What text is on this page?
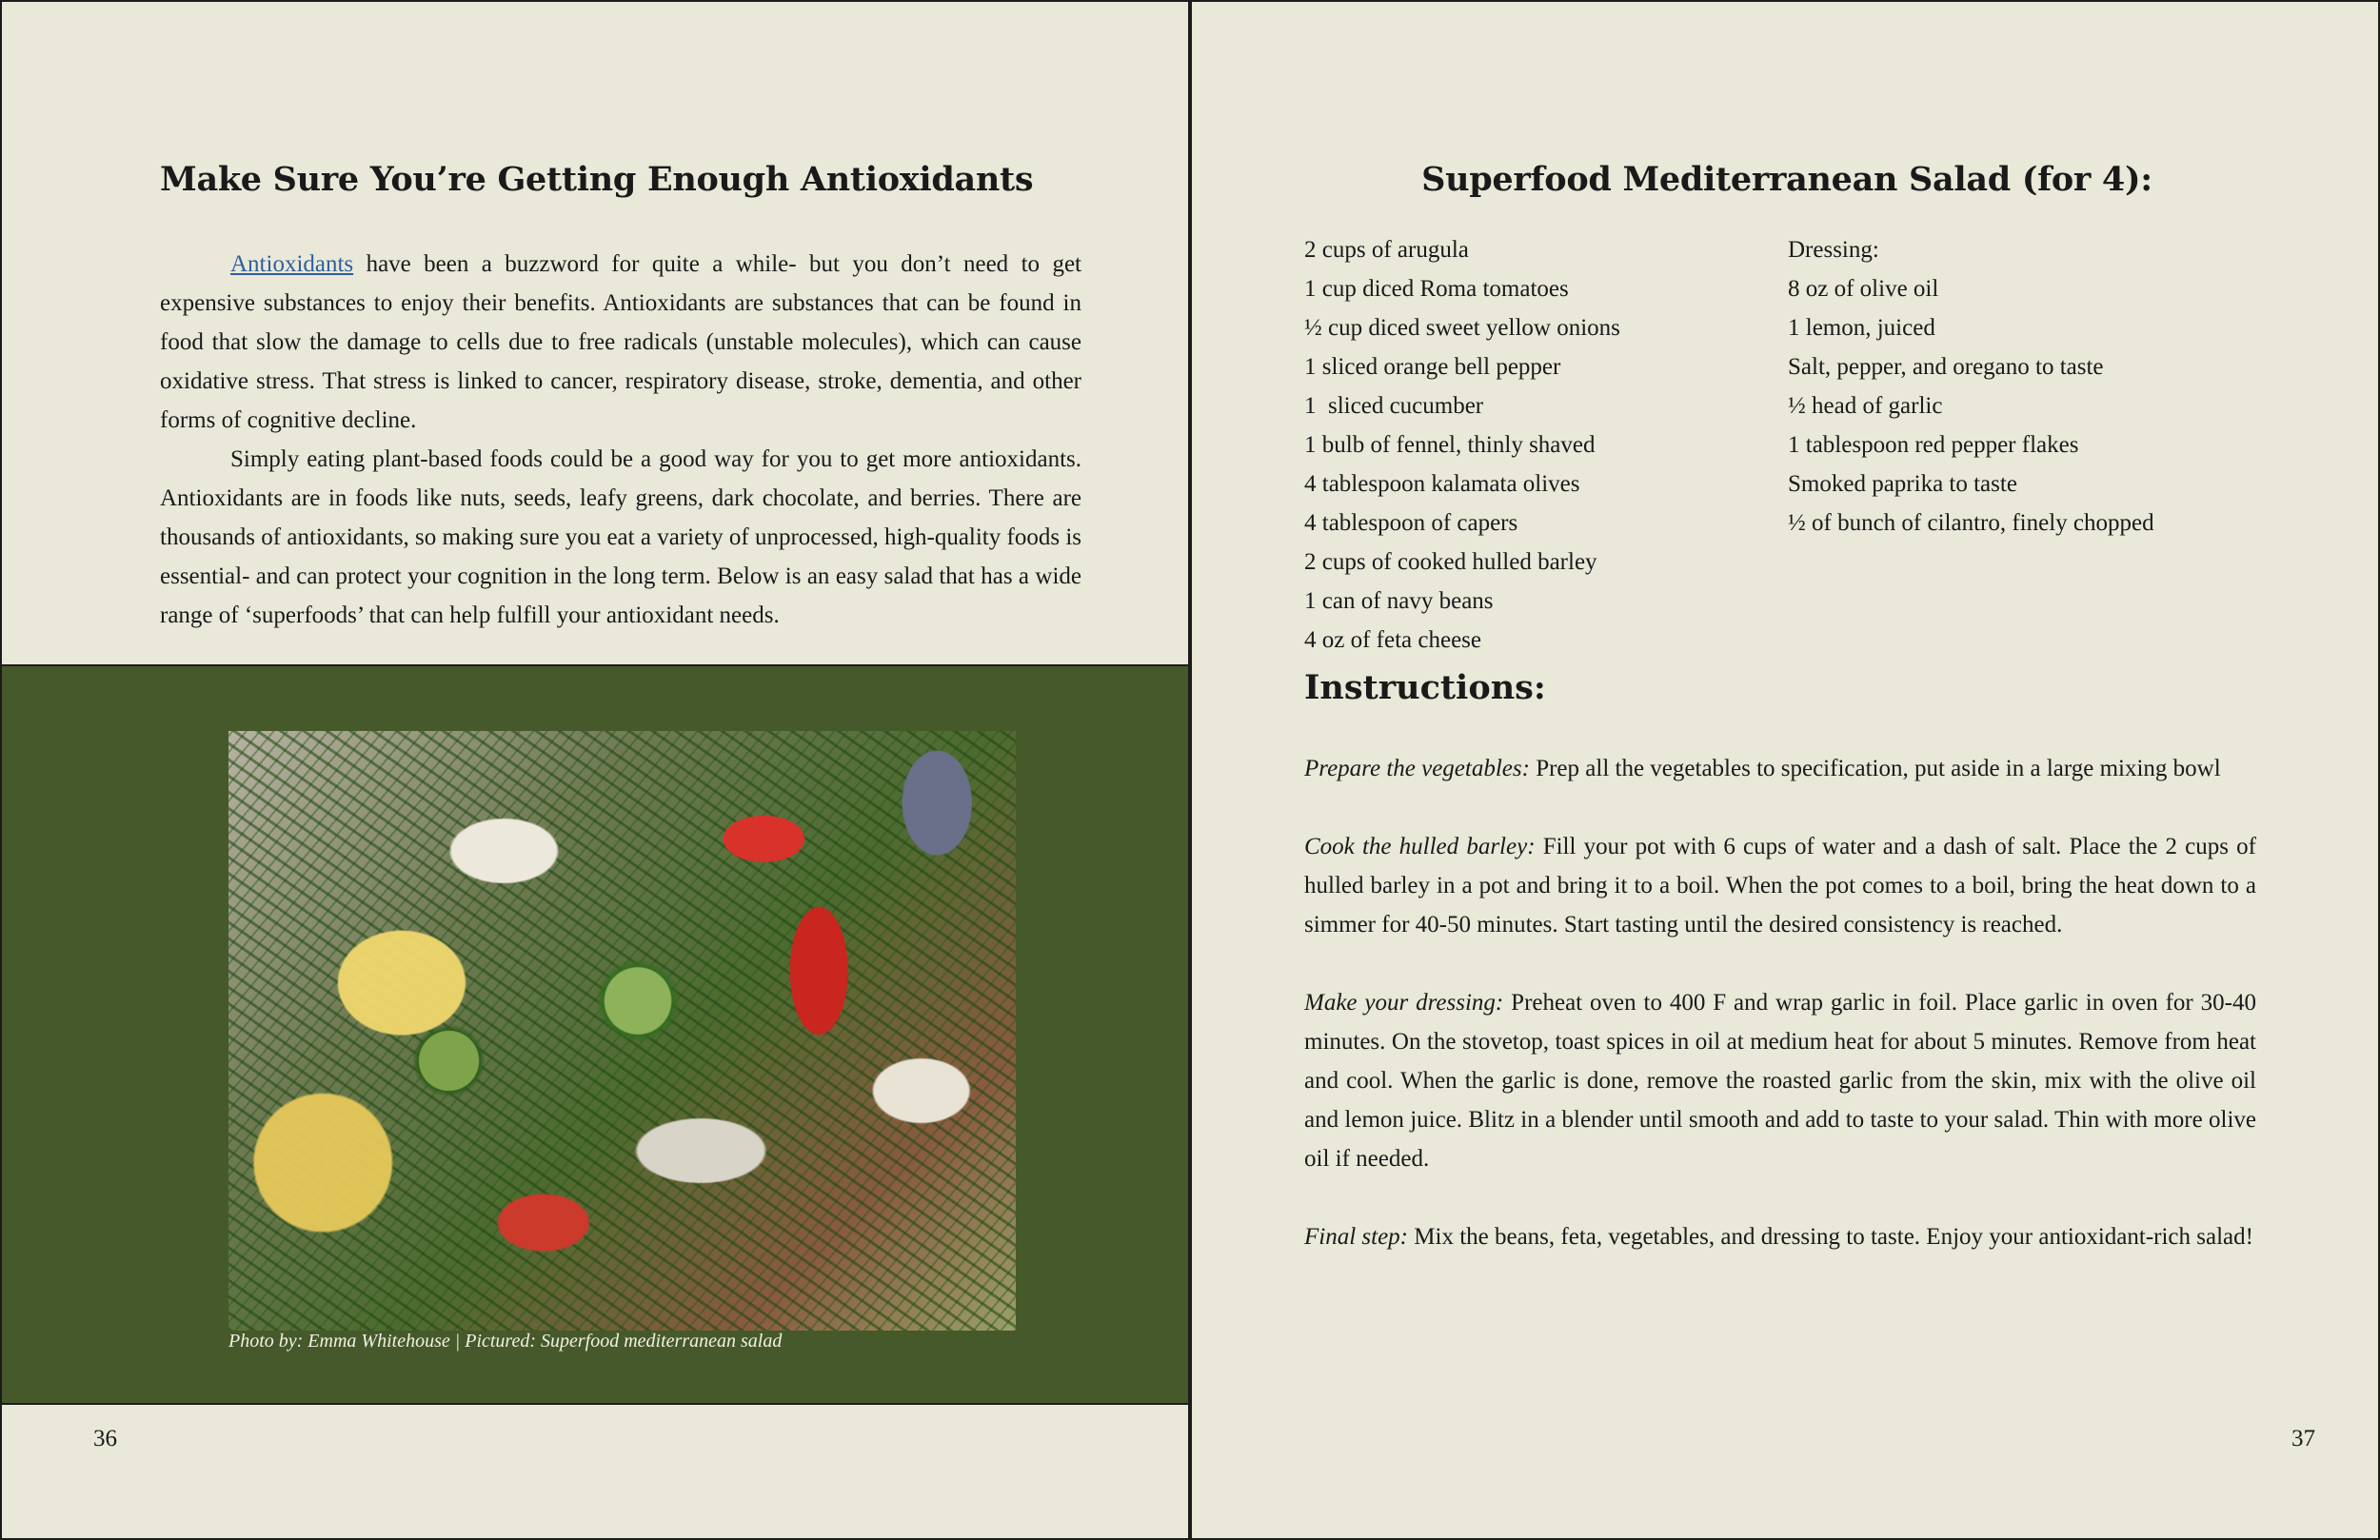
Make Sure You’re Getting Enough Antioxidants

Antioxidants have been a buzzword for quite a while- but you don’t need to get expensive substances to enjoy their benefits. Antioxidants are substances that can be found in food that slow the damage to cells due to free radicals (unstable molecules), which can cause oxidative stress. That stress is linked to cancer, respiratory disease, stroke, dementia, and other forms of cognitive decline.

Simply eating plant-based foods could be a good way for you to get more antioxidants. Antioxidants are in foods like nuts, seeds, leafy greens, dark chocolate, and berries. There are thousands of antioxidants, so making sure you eat a variety of unprocessed, high-quality foods is essential- and can protect your cognition in the long term. Below is an easy salad that has a wide range of ‘superfoods’ that can help fulfill your antioxidant needs.

Photo by: Emma Whitehouse | Pictured: Superfood mediterranean salad
36
Superfood Mediterranean Salad (for 4):
2 cups of arugula
1 cup diced Roma tomatoes
½ cup diced sweet yellow onions
1 sliced orange bell pepper
1  sliced cucumber
1 bulb of fennel, thinly shaved
4 tablespoon kalamata olives
4 tablespoon of capers
2 cups of cooked hulled barley
1 can of navy beans
4 oz of feta cheese
Dressing:
8 oz of olive oil
1 lemon, juiced
Salt, pepper, and oregano to taste
½ head of garlic
1 tablespoon red pepper flakes
Smoked paprika to taste
½ of bunch of cilantro, finely chopped
Instructions:

Prepare the vegetables: Prep all the vegetables to specification, put aside in a large mixing bowl

Cook the hulled barley: Fill your pot with 6 cups of water and a dash of salt. Place the 2 cups of hulled barley in a pot and bring it to a boil. When the pot comes to a boil, bring the heat down to a simmer for 40-50 minutes. Start tasting until the desired consistency is reached.

Make your dressing: Preheat oven to 400 F and wrap garlic in foil. Place garlic in oven for 30-40 minutes. On the stovetop, toast spices in oil at medium heat for about 5 minutes. Remove from heat and cool. When the garlic is done, remove the roasted garlic from the skin, mix with the olive oil and lemon juice. Blitz in a blender until smooth and add to taste to your salad. Thin with more olive oil if needed.

Final step: Mix the beans, feta, vegetables, and dressing to taste. Enjoy your antioxidant-rich salad!

37
